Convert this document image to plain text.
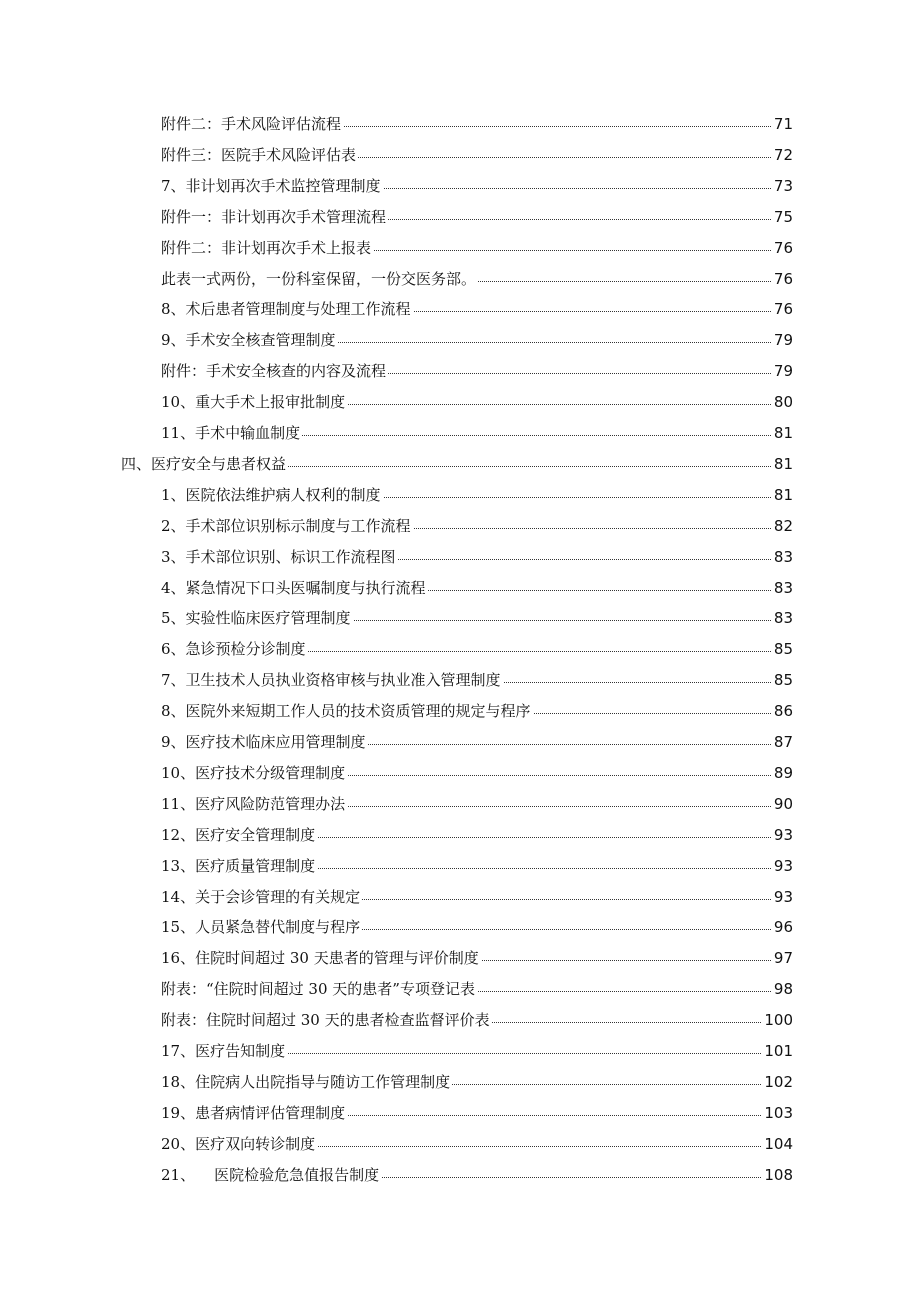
附件二：手术风险评估流程	71
附件三：医院手术风险评估表	72
7、非计划再次手术监控管理制度	73
附件一：非计划再次手术管理流程	75
附件二：非计划再次手术上报表	76
此表一式两份，一份科室保留，一份交医务部。	76
8、术后患者管理制度与处理工作流程	76
9、手术安全核查管理制度	79
附件：手术安全核查的内容及流程	79
10、重大手术上报审批制度	80
11、手术中输血制度	81
四、医疗安全与患者权益	81
1、医院依法维护病人权利的制度	81
2、手术部位识别标示制度与工作流程	82
3、手术部位识别、标识工作流程图	83
4、紧急情况下口头医嘱制度与执行流程	83
5、实验性临床医疗管理制度	83
6、急诊预检分诊制度	85
7、卫生技术人员执业资格审核与执业准入管理制度	85
8、医院外来短期工作人员的技术资质管理的规定与程序	86
9、医疗技术临床应用管理制度	87
10、医疗技术分级管理制度	89
11、医疗风险防范管理办法	90
12、医疗安全管理制度	93
13、医疗质量管理制度	93
14、关于会诊管理的有关规定	93
15、人员紧急替代制度与程序	96
16、住院时间超过 30 天患者的管理与评价制度	97
附表：“住院时间超过 30 天的患者”专项登记表	98
附表：住院时间超过 30 天的患者检查监督评价表	100
17、医疗告知制度	101
18、住院病人出院指导与随访工作管理制度	102
19、患者病情评估管理制度	103
20、医疗双向转诊制度	104
21、    医院检验危急值报告制度	108
